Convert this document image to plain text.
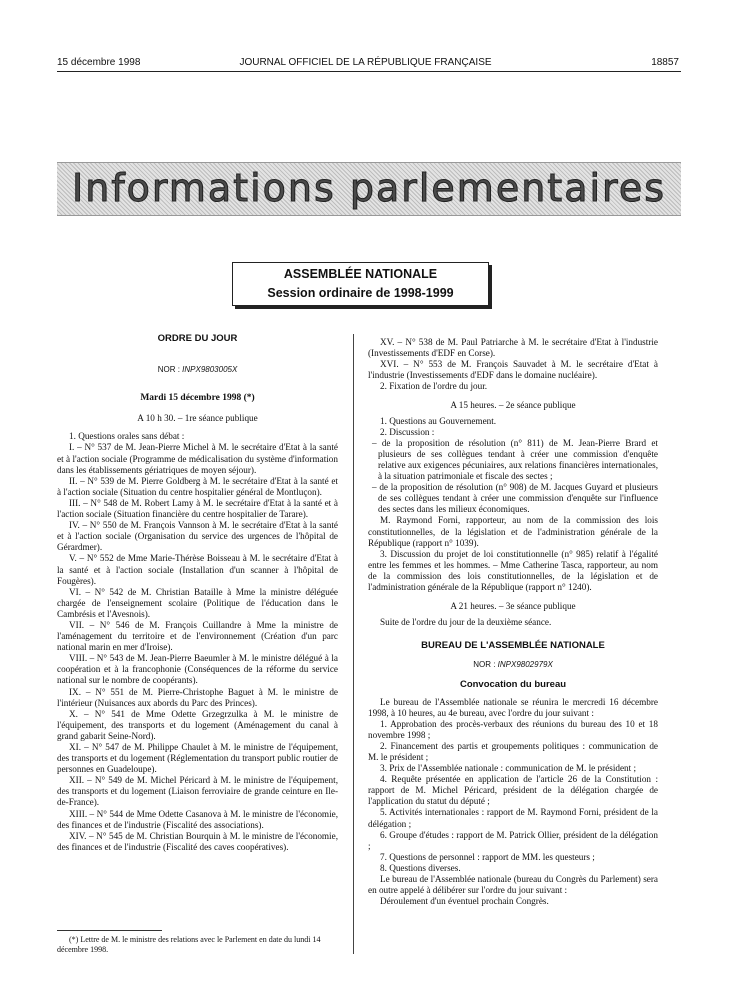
15 décembre 1998	JOURNAL OFFICIEL DE LA RÉPUBLIQUE FRANÇAISE	18857
Informations parlementaires
ASSEMBLÉE NATIONALE
Session ordinaire de 1998-1999

ORDRE DU JOUR

NOR : INPX9803005X

Mardi 15 décembre 1998 (*)

A 10 h 30. – 1re séance publique

1. Questions orales sans débat :

I. – N° 537 de M. Jean-Pierre Michel à M. le secrétaire d'Etat à la santé et à l'action sociale (Programme de médicalisation du système d'information dans les établissements gériatriques de moyen séjour).

II. – N° 539 de M. Pierre Goldberg à M. le secrétaire d'Etat à la santé et à l'action sociale (Situation du centre hospitalier général de Montluçon).

III. – N° 548 de M. Robert Lamy à M. le secrétaire d'Etat à la santé et à l'action sociale (Situation financière du centre hospitalier de Tarare).

IV. – N° 550 de M. François Vannson à M. le secrétaire d'Etat à la santé et à l'action sociale (Organisation du service des urgences de l'hôpital de Gérardmer).

V. – N° 552 de Mme Marie-Thérèse Boisseau à M. le secrétaire d'Etat à la santé et à l'action sociale (Installation d'un scanner à l'hôpital de Fougères).

VI. – N° 542 de M. Christian Bataille à Mme la ministre déléguée chargée de l'enseignement scolaire (Politique de l'éducation dans le Cambrésis et l'Avesnois).

VII. – N° 546 de M. François Cuillandre à Mme la ministre de l'aménagement du territoire et de l'environnement (Création d'un parc national marin en mer d'Iroise).

VIII. – N° 543 de M. Jean-Pierre Baeumler à M. le ministre délégué à la coopération et à la francophonie (Conséquences de la réforme du service national sur le nombre de coopérants).

IX. – N° 551 de M. Pierre-Christophe Baguet à M. le ministre de l'intérieur (Nuisances aux abords du Parc des Princes).

X. – N° 541 de Mme Odette Grzegrzulka à M. le ministre de l'équipement, des transports et du logement (Aménagement du canal à grand gabarit Seine-Nord).

XI. – N° 547 de M. Philippe Chaulet à M. le ministre de l'équipement, des transports et du logement (Réglementation du transport public routier de personnes en Guadeloupe).

XII. – N° 549 de M. Michel Péricard à M. le ministre de l'équipement, des transports et du logement (Liaison ferroviaire de grande ceinture en Ile-de-France).

XIII. – N° 544 de Mme Odette Casanova à M. le ministre de l'économie, des finances et de l'industrie (Fiscalité des associations).

XIV. – N° 545 de M. Christian Bourquin à M. le ministre de l'économie, des finances et de l'industrie (Fiscalité des caves coopératives).

(*) Lettre de M. le ministre des relations avec le Parlement en date du lundi 14 décembre 1998.

XV. – N° 538 de M. Paul Patriarche à M. le secrétaire d'Etat à l'industrie (Investissements d'EDF en Corse).

XVI. – N° 553 de M. François Sauvadet à M. le secrétaire d'Etat à l'industrie (Investissements d'EDF dans le domaine nucléaire).

2. Fixation de l'ordre du jour.

A 15 heures. – 2e séance publique

1. Questions au Gouvernement.

2. Discussion :

– de la proposition de résolution (n° 811) de M. Jean-Pierre Brard et plusieurs de ses collègues tendant à créer une commission d'enquête relative aux exigences pécuniaires, aux relations financières internationales, à la situation patrimoniale et fiscale des sectes ;

– de la proposition de résolution (n° 908) de M. Jacques Guyard et plusieurs de ses collègues tendant à créer une commission d'enquête sur l'influence des sectes dans les milieux économiques.

M. Raymond Forni, rapporteur, au nom de la commission des lois constitutionnelles, de la législation et de l'administration générale de la République (rapport n° 1039).

3. Discussion du projet de loi constitutionnelle (n° 985) relatif à l'égalité entre les femmes et les hommes. – Mme Catherine Tasca, rapporteur, au nom de la commission des lois constitutionnelles, de la législation et de l'administration générale de la République (rapport n° 1240).

A 21 heures. – 3e séance publique

Suite de l'ordre du jour de la deuxième séance.

BUREAU DE L'ASSEMBLÉE NATIONALE

NOR : INPX9802979X

Convocation du bureau

Le bureau de l'Assemblée nationale se réunira le mercredi 16 décembre 1998, à 10 heures, au 4e bureau, avec l'ordre du jour suivant :

1. Approbation des procès-verbaux des réunions du bureau des 10 et 18 novembre 1998 ;

2. Financement des partis et groupements politiques : communication de M. le président ;

3. Prix de l'Assemblée nationale : communication de M. le président ;

4. Requête présentée en application de l'article 26 de la Constitution : rapport de M. Michel Péricard, président de la délégation chargée de l'application du statut du député ;

5. Activités internationales : rapport de M. Raymond Forni, président de la délégation ;

6. Groupe d'études : rapport de M. Patrick Ollier, président de la délégation ;

7. Questions de personnel : rapport de MM. les questeurs ;

8. Questions diverses.

Le bureau de l'Assemblée nationale (bureau du Congrès du Parlement) sera en outre appelé à délibérer sur l'ordre du jour suivant :

Déroulement d'un éventuel prochain Congrès.
